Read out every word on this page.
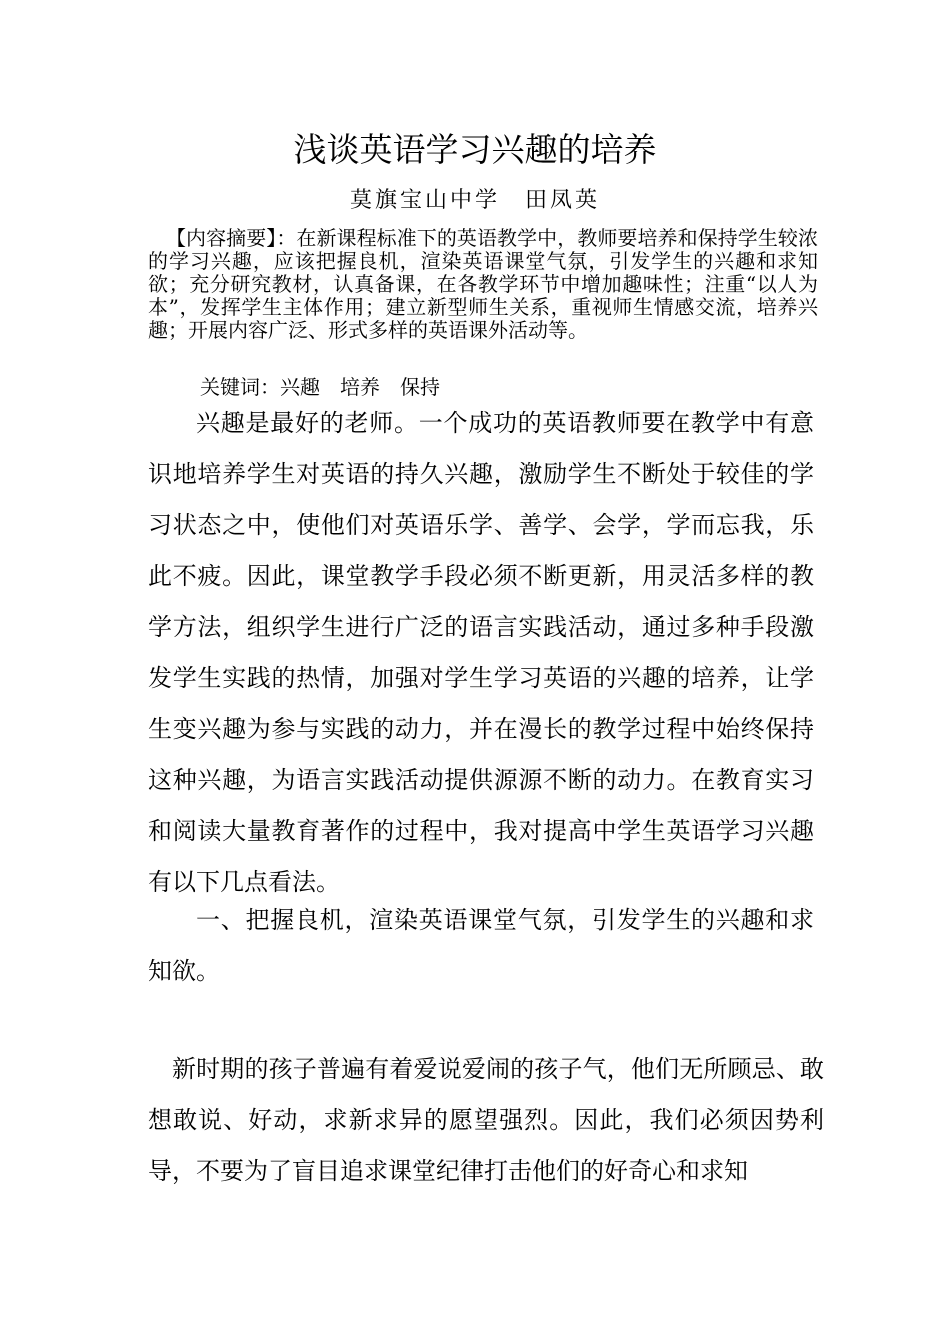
浅谈英语学习兴趣的培养
莫旗宝山中学　田凤英

【内容摘要】：在新课程标准下的英语教学中，教师要培养和保持学生较浓的学习兴趣，应该把握良机，渲染英语课堂气氛，引发学生的兴趣和求知欲；充分研究教材，认真备课，在各教学环节中增加趣味性；注重“以人为本”，发挥学生主体作用；建立新型师生关系，重视师生情感交流，培养兴趣；开展内容广泛、形式多样的英语课外活动等。

关键词：兴趣　培养　保持

兴趣是最好的老师。一个成功的英语教师要在教学中有意识地培养学生对英语的持久兴趣，激励学生不断处于较佳的学习状态之中，使他们对英语乐学、善学、会学，学而忘我，乐此不疲。因此，课堂教学手段必须不断更新，用灵活多样的教学方法，组织学生进行广泛的语言实践活动，通过多种手段激发学生实践的热情，加强对学生学习英语的兴趣的培养，让学生变兴趣为参与实践的动力，并在漫长的教学过程中始终保持这种兴趣，为语言实践活动提供源源不断的动力。在教育实习和阅读大量教育著作的过程中，我对提高中学生英语学习兴趣有以下几点看法。

一、把握良机，渲染英语课堂气氛，引发学生的兴趣和求知欲。

新时期的孩子普遍有着爱说爱闹的孩子气，他们无所顾忌、敢想敢说、好动，求新求异的愿望强烈。因此，我们必须因势利导，不要为了盲目追求课堂纪律打击他们的好奇心和求知
